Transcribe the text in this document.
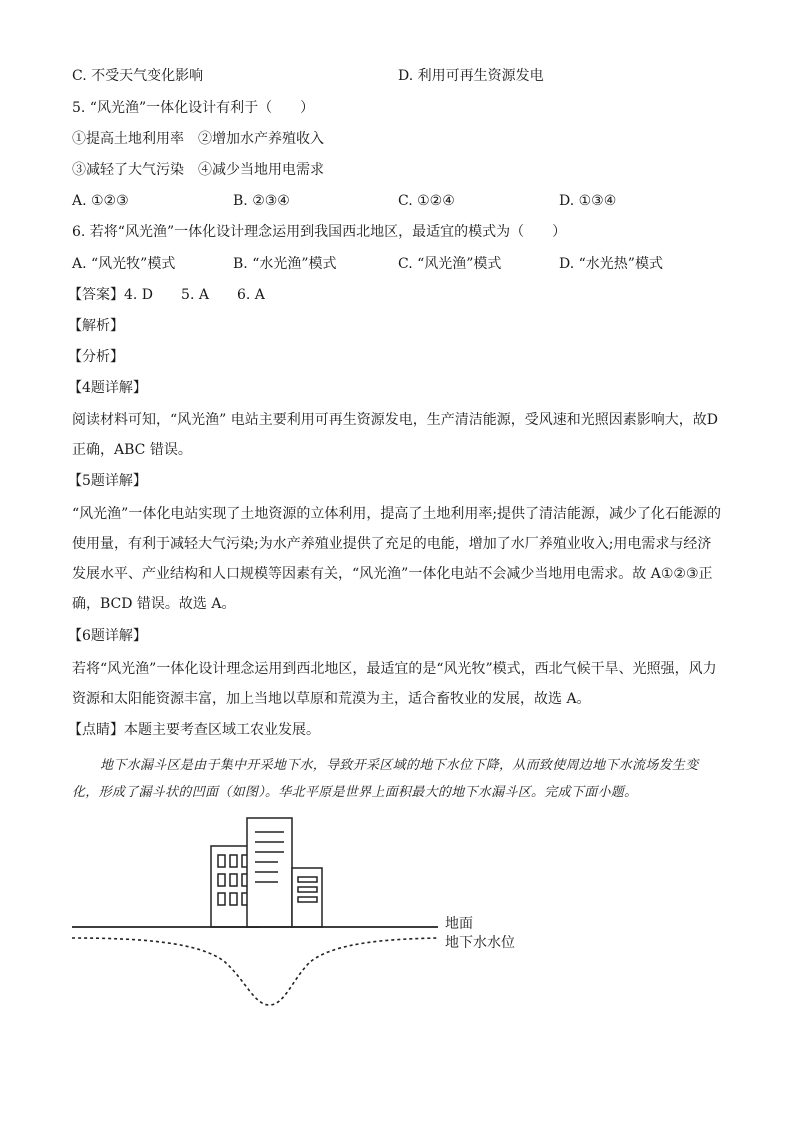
C. 不受天气变化影响	D. 利用可再生资源发电
5. “风光渔”一体化设计有利于（　　）
①提高土地利用率　②增加水产养殖收入
③减轻了大气污染　④减少当地用电需求
A. ①②③	B. ②③④	C. ①②④	D. ①③④
6. 若将“风光渔”一体化设计理念运用到我国西北地区，最适宜的模式为（　　）
A. “风光牧”模式	B. “水光渔”模式	C. “风光渔”模式	D. “水光热”模式
【答案】4. D　　5. A　　6. A
【解析】
【分析】
【4题详解】
阅读材料可知，“风光渔” 电站主要利用可再生资源发电，生产清洁能源，受风速和光照因素影响大，故D正确，ABC 错误。
【5题详解】
“风光渔”一体化电站实现了土地资源的立体利用，提高了土地利用率;提供了清洁能源，减少了化石能源的使用量，有利于减轻大气污染;为水产养殖业提供了充足的电能，增加了水厂养殖业收入;用电需求与经济发展水平、产业结构和人口规模等因素有关，“风光渔”一体化电站不会减少当地用电需求。故 A①②③正确，BCD 错误。故选 A。
【6题详解】
若将“风光渔”一体化设计理念运用到西北地区，最适宜的是“风光牧”模式，西北气候干旱、光照强，风力资源和太阳能资源丰富，加上当地以草原和荒漠为主，适合畜牧业的发展，故选 A。
【点睛】本题主要考查区域工农业发展。
地下水漏斗区是由于集中开采地下水，导致开采区域的地下水位下降，从而致使周边地下水流场发生变化，形成了漏斗状的凹面（如图）。华北平原是世界上面积最大的地下水漏斗区。完成下面小题。
地面
地下水水位
